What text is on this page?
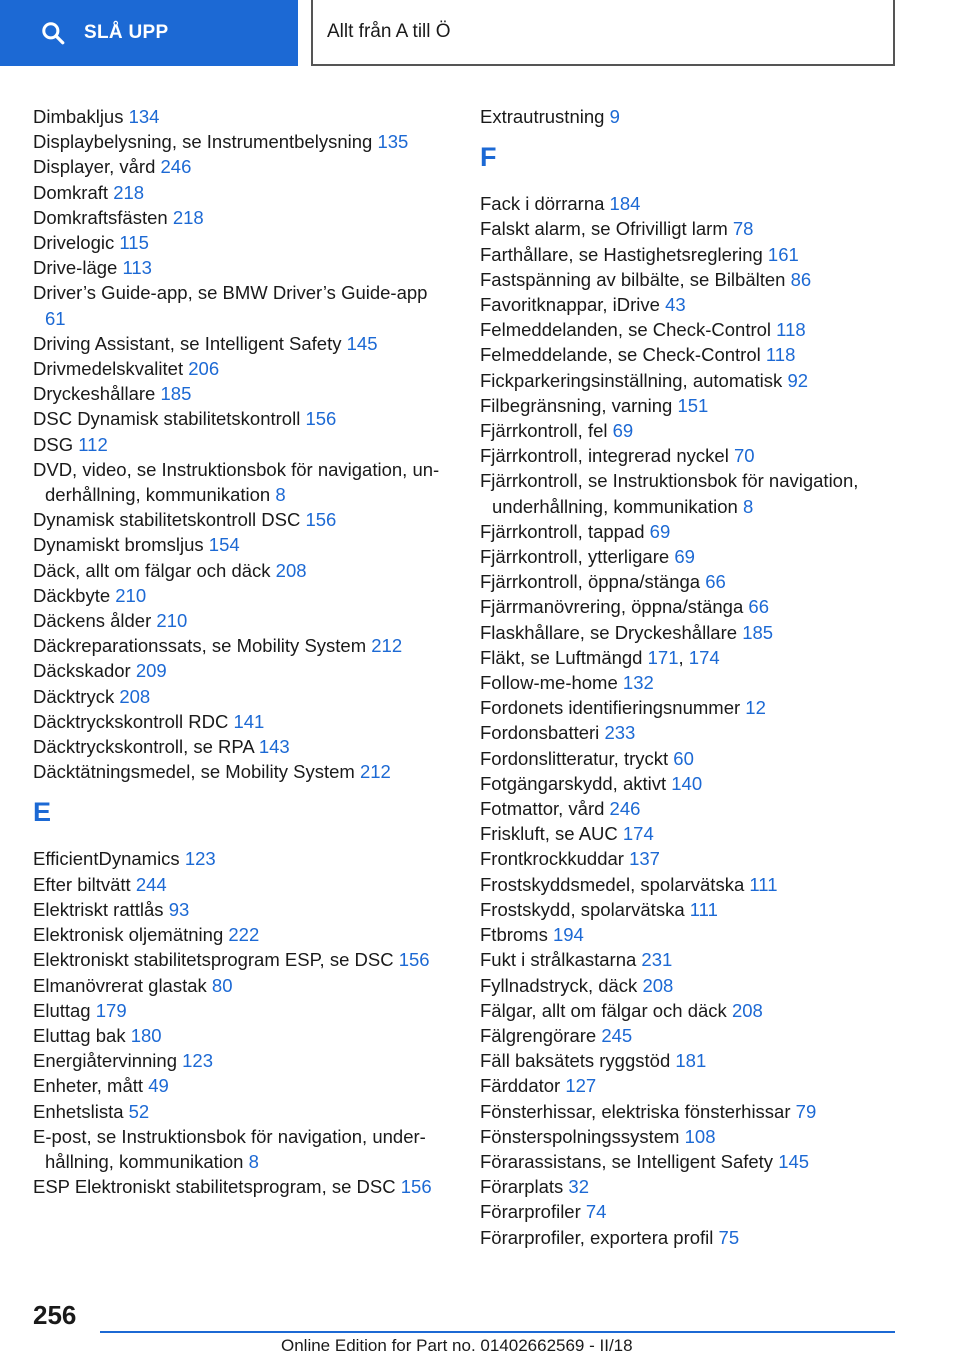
SLÅ UPP	Allt från A till Ö
Dimbakljus 134
Displaybelysning, se Instrumentbelysning 135
Displayer, vård 246
Domkraft 218
Domkraftsfästen 218
Drivelogic 115
Drive-läge 113
Driver’s Guide-app, se BMW Driver’s Guide-app 61
Driving Assistant, se Intelligent Safety 145
Drivmedelskvalitet 206
Dryckeshållare 185
DSC Dynamisk stabilitetskontroll 156
DSG 112
DVD, video, se Instruktionsbok för navigation, underhållning, kommunikation 8
Dynamisk stabilitetskontroll DSC 156
Dynamiskt bromsljus 154
Däck, allt om fälgar och däck 208
Däckbyte 210
Däckens ålder 210
Däckreparationssats, se Mobility System 212
Däckskador 209
Däcktryck 208
Däcktryckskontroll RDC 141
Däcktryckskontroll, se RPA 143
Däcktätningsmedel, se Mobility System 212
E
EfficientDynamics 123
Efter biltvätt 244
Elektriskt rattlås 93
Elektronisk oljemätning 222
Elektroniskt stabilitetsprogram ESP, se DSC 156
Elmanövrerat glastak 80
Eluttag 179
Eluttag bak 180
Energiåtervinning 123
Enheter, mått 49
Enhetslista 52
E-post, se Instruktionsbok för navigation, underhållning, kommunikation 8
ESP Elektroniskt stabilitetsprogram, se DSC 156
Extrautrustning 9
F
Fack i dörrarna 184
Falskt alarm, se Ofrivilligt larm 78
Farthållare, se Hastighetsreglering 161
Fastspänning av bilbälte, se Bilbälten 86
Favoritknappar, iDrive 43
Felmeddelanden, se Check-Control 118
Felmeddelande, se Check-Control 118
Fickparkeringsinställning, automatisk 92
Filbegränsning, varning 151
Fjärrkontroll, fel 69
Fjärrkontroll, integrerad nyckel 70
Fjärrkontroll, se Instruktionsbok för navigation, underhållning, kommunikation 8
Fjärrkontroll, tappad 69
Fjärrkontroll, ytterligare 69
Fjärrkontroll, öppna/stänga 66
Fjärrmanövrering, öppna/stänga 66
Flaskhållare, se Dryckeshållare 185
Fläkt, se Luftmängd 171, 174
Follow-me-home 132
Fordonets identifieringsnummer 12
Fordonsbatteri 233
Fordonslitteratur, tryckt 60
Fotgängarskydd, aktivt 140
Fotmattor, vård 246
Friskluft, se AUC 174
Frontkrockkuddar 137
Frostskyddsmedel, spolarvätska 111
Frostskydd, spolarvätska 111
Ftbroms 194
Fukt i strålkastarna 231
Fyllnadstryck, däck 208
Fälgar, allt om fälgar och däck 208
Fälgrengörare 245
Fäll baksätets ryggstöd 181
Färddator 127
Fönsterhissar, elektriska fönsterhissar 79
Fönsterspolningssystem 108
Förarassistans, se Intelligent Safety 145
Förarplats 32
Förarprofiler 74
Förarprofiler, exportera profil 75
256
Online Edition for Part no. 01402662569 - II/18
